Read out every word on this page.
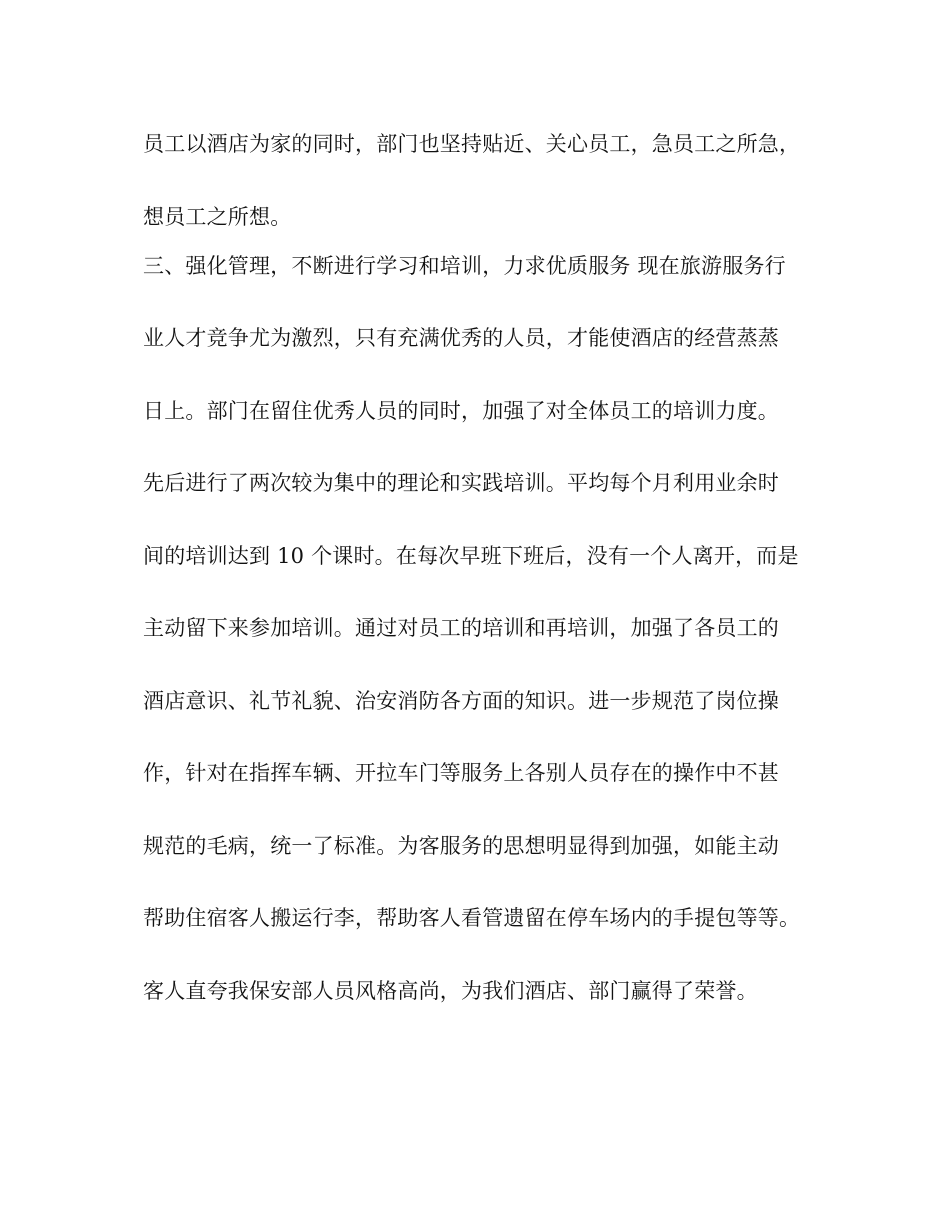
员工以酒店为家的同时，部门也坚持贴近、关心员工，急员工之所急，
想员工之所想。
三、强化管理，不断进行学习和培训，力求优质服务 现在旅游服务行
业人才竞争尤为激烈，只有充满优秀的人员，才能使酒店的经营蒸蒸
日上。部门在留住优秀人员的同时，加强了对全体员工的培训力度。
先后进行了两次较为集中的理论和实践培训。平均每个月利用业余时
间的培训达到 10 个课时。在每次早班下班后，没有一个人离开，而是
主动留下来参加培训。通过对员工的培训和再培训，加强了各员工的
酒店意识、礼节礼貌、治安消防各方面的知识。进一步规范了岗位操
作，针对在指挥车辆、开拉车门等服务上各别人员存在的操作中不甚
规范的毛病，统一了标准。为客服务的思想明显得到加强，如能主动
帮助住宿客人搬运行李，帮助客人看管遗留在停车场内的手提包等等。
客人直夸我保安部人员风格高尚，为我们酒店、部门赢得了荣誉。
